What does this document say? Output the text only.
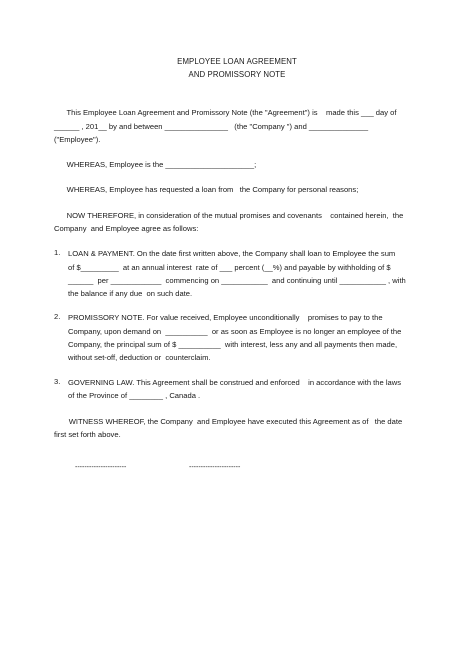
EMPLOYEE LOAN AGREEMENT
AND PROMISSORY NOTE
This Employee Loan Agreement and Promissory Note (the "Agreement") is    made this ___ day of
______ , 201__ by and between _______________   (the "Company ") and ______________
("Employee").
WHEREAS, Employee is the _____________________;
WHEREAS, Employee has requested a loan from   the Company for personal reasons;
NOW THEREFORE, in consideration of the mutual promises and covenants    contained herein,  the
Company  and Employee agree as follows:
1. LOAN & PAYMENT. On the date first written above, the Company shall loan to Employee the sum
of $_________  at an annual interest  rate of ___ percent (__%) and payable by withholding of $
______  per ____________  commencing on ___________  and continuing until ___________ , with
the balance if any due  on such date.
2. PROMISSORY NOTE. For value received, Employee unconditionally    promises to pay to the
Company, upon demand on  __________  or as soon as Employee is no longer an employee of the
Company, the principal sum of $ __________  with interest, less any and all payments then made,
without set-off, deduction or  counterclaim.
3. GOVERNING LAW. This Agreement shall be construed and enforced    in accordance with the laws
of the Province of ________ , Canada .
WITNESS WHEREOF, the Company  and Employee have executed this Agreement as of   the date
first set forth above.
----------------------	----------------------
